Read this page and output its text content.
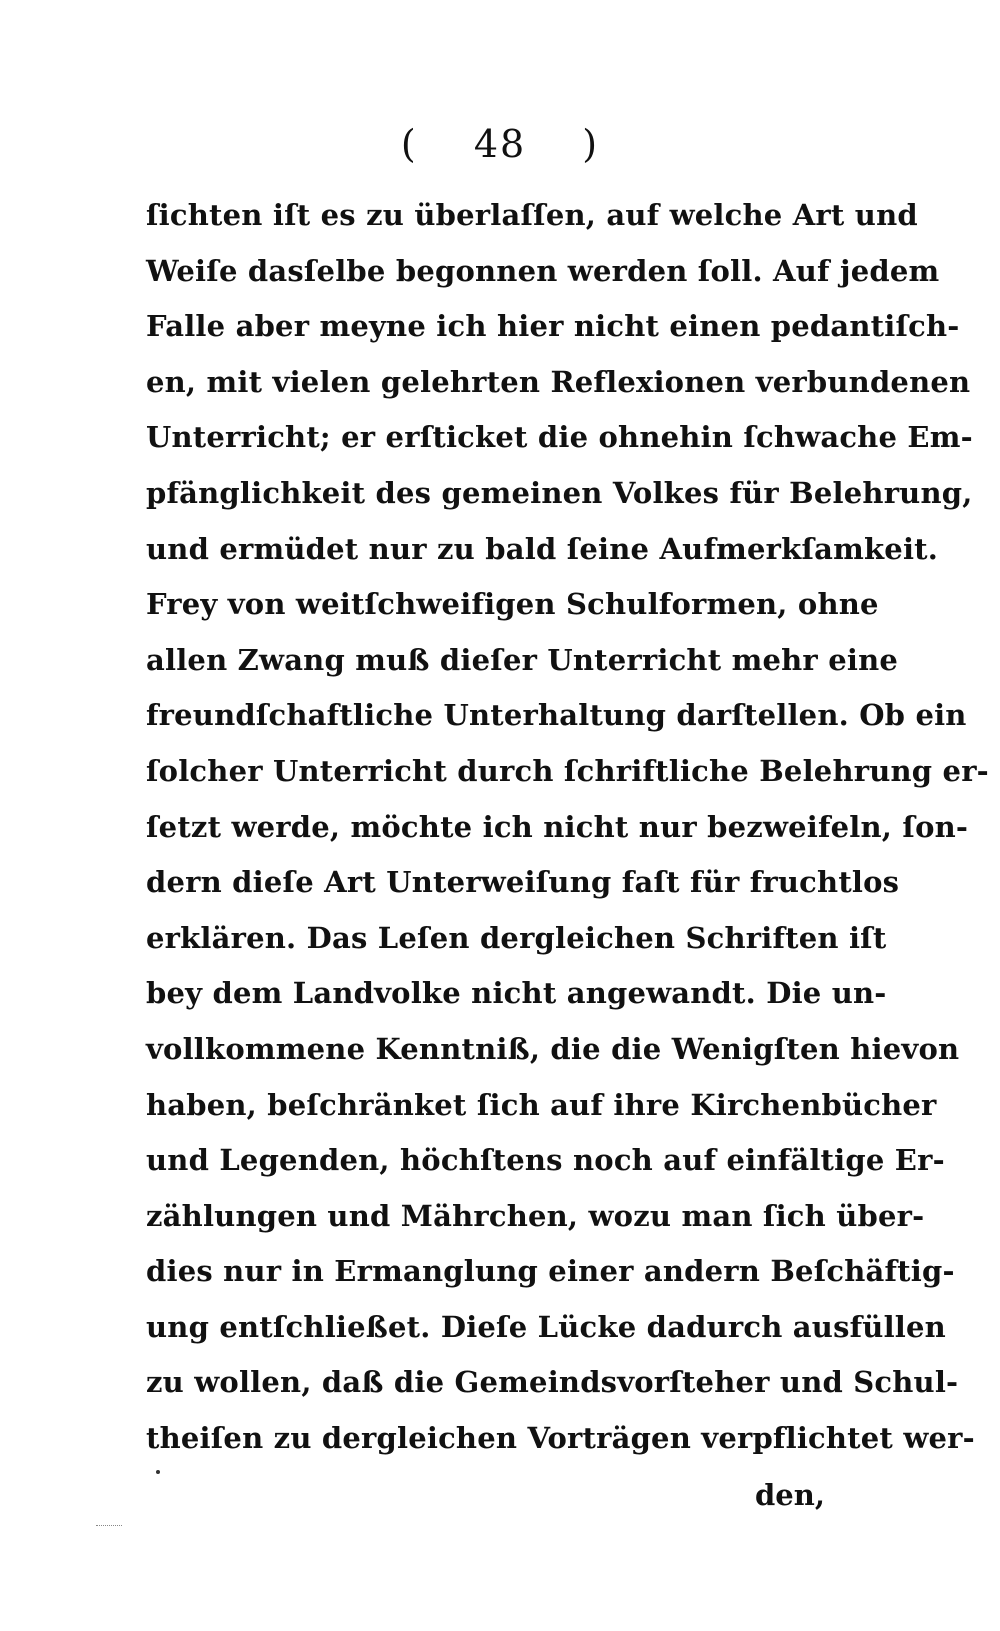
( 48 )
ſichten iſt es zu überlaſſen, auf welche Art und
Weiſe dasſelbe begonnen werden ſoll. Auf jedem
Falle aber meyne ich hier nicht einen pedantiſch-
en, mit vielen gelehrten Reflexionen verbundenen
Unterricht; er erſticket die ohnehin ſchwache Em-
pfänglichkeit des gemeinen Volkes für Belehrung,
und ermüdet nur zu bald ſeine Aufmerkſamkeit.
Frey von weitſchweifigen Schulformen, ohne
allen Zwang muß dieſer Unterricht mehr eine
freundſchaftliche Unterhaltung darſtellen. Ob ein
ſolcher Unterricht durch ſchriftliche Belehrung er-
ſetzt werde, möchte ich nicht nur bezweifeln, ſon-
dern dieſe Art Unterweiſung faſt für fruchtlos
erklären. Das Leſen dergleichen Schriften iſt
bey dem Landvolke nicht angewandt. Die un-
vollkommene Kenntniß, die die Wenigſten hievon
haben, beſchränket ſich auf ihre Kirchenbücher
und Legenden, höchſtens noch auf einfältige Er-
zählungen und Mährchen, wozu man ſich über-
dies nur in Ermanglung einer andern Beſchäftig-
ung entſchließet. Dieſe Lücke dadurch ausfüllen
zu wollen, daß die Gemeindsvorſteher und Schul-
theiſen zu dergleichen Vorträgen verpflichtet wer-
den,
